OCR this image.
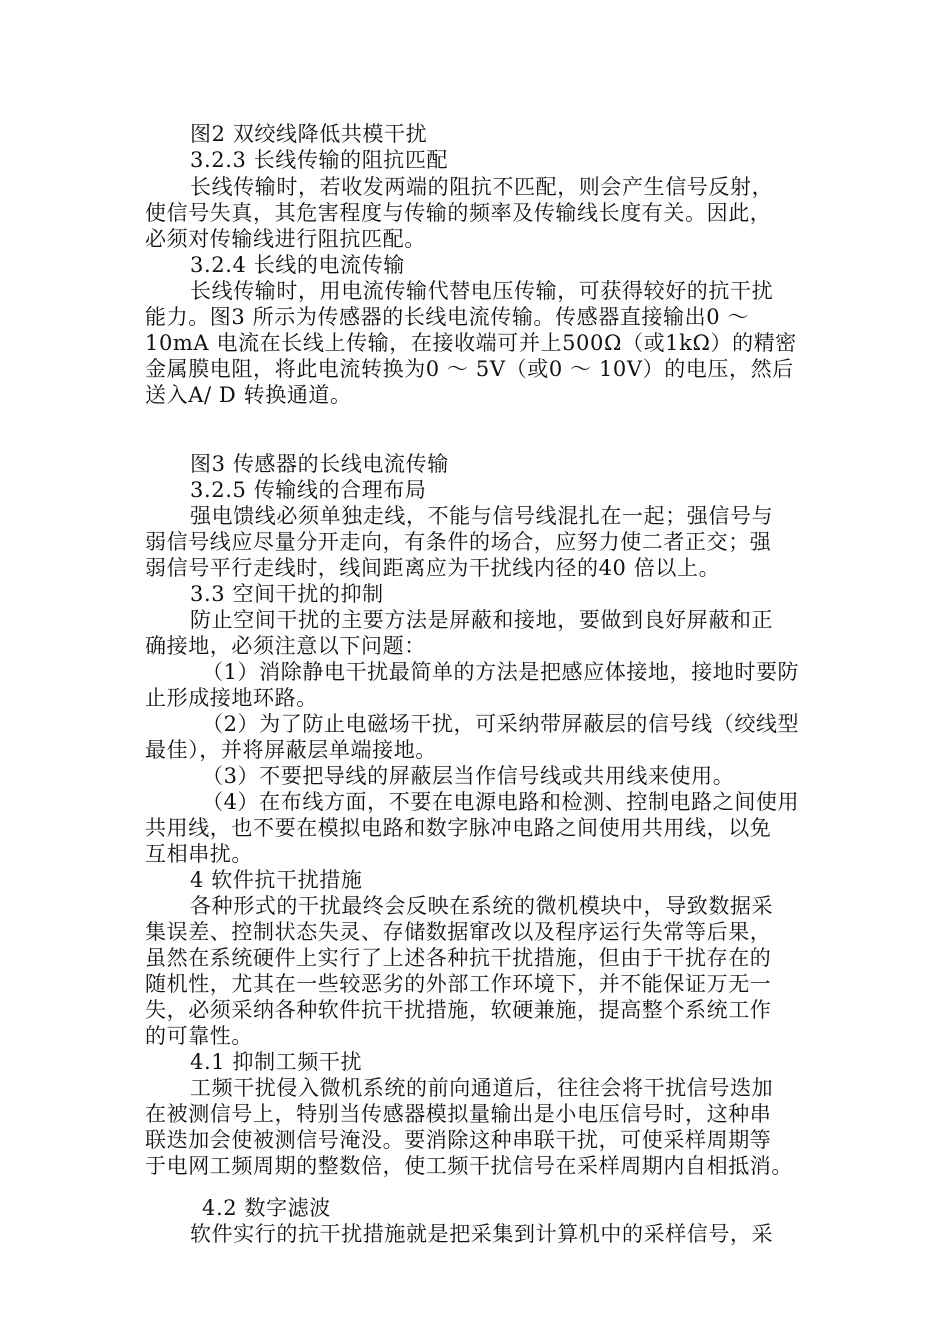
图2 双绞线降低共模干扰
3.2.3 长线传输的阻抗匹配
长线传输时，若收发两端的阻抗不匹配，则会产生信号反射，
使信号失真，其危害程度与传输的频率及传输线长度有关。因此，
必须对传输线进行阻抗匹配。
3.2.4 长线的电流传输
长线传输时，用电流传输代替电压传输，可获得较好的抗干扰
能力。图3 所示为传感器的长线电流传输。传感器直接输出0 ～
10mA 电流在长线上传输，在接收端可并上500Ω（或1kΩ）的精密
金属膜电阻，将此电流转换为0 ～ 5V（或0 ～ 10V）的电压，然后
送入A/ D 转换通道。
图3 传感器的长线电流传输
3.2.5 传输线的合理布局
强电馈线必须单独走线，不能与信号线混扎在一起；强信号与
弱信号线应尽量分开走向，有条件的场合，应努力使二者正交；强
弱信号平行走线时，线间距离应为干扰线内径的40 倍以上。
3.3 空间干扰的抑制
防止空间干扰的主要方法是屏蔽和接地，要做到良好屏蔽和正
确接地，必须注意以下问题：
（1）消除静电干扰最简单的方法是把感应体接地，接地时要防
止形成接地环路。
（2）为了防止电磁场干扰，可采纳带屏蔽层的信号线（绞线型
最佳），并将屏蔽层单端接地。
（3）不要把导线的屏蔽层当作信号线或共用线来使用。
（4）在布线方面，不要在电源电路和检测、控制电路之间使用
共用线，也不要在模拟电路和数字脉冲电路之间使用共用线，以免
互相串扰。
4 软件抗干扰措施
各种形式的干扰最终会反映在系统的微机模块中，导致数据采
集误差、控制状态失灵、存储数据窜改以及程序运行失常等后果，
虽然在系统硬件上实行了上述各种抗干扰措施，但由于干扰存在的
随机性，尤其在一些较恶劣的外部工作环境下，并不能保证万无一
失，必须采纳各种软件抗干扰措施，软硬兼施，提高整个系统工作
的可靠性。
4.1 抑制工频干扰
工频干扰侵入微机系统的前向通道后，往往会将干扰信号迭加
在被测信号上，特别当传感器模拟量输出是小电压信号时，这种串
联迭加会使被测信号淹没。要消除这种串联干扰，可使采样周期等
于电网工频周期的整数倍，使工频干扰信号在采样周期内自相抵消。
4.2 数字滤波
软件实行的抗干扰措施就是把采集到计算机中的采样信号，采
